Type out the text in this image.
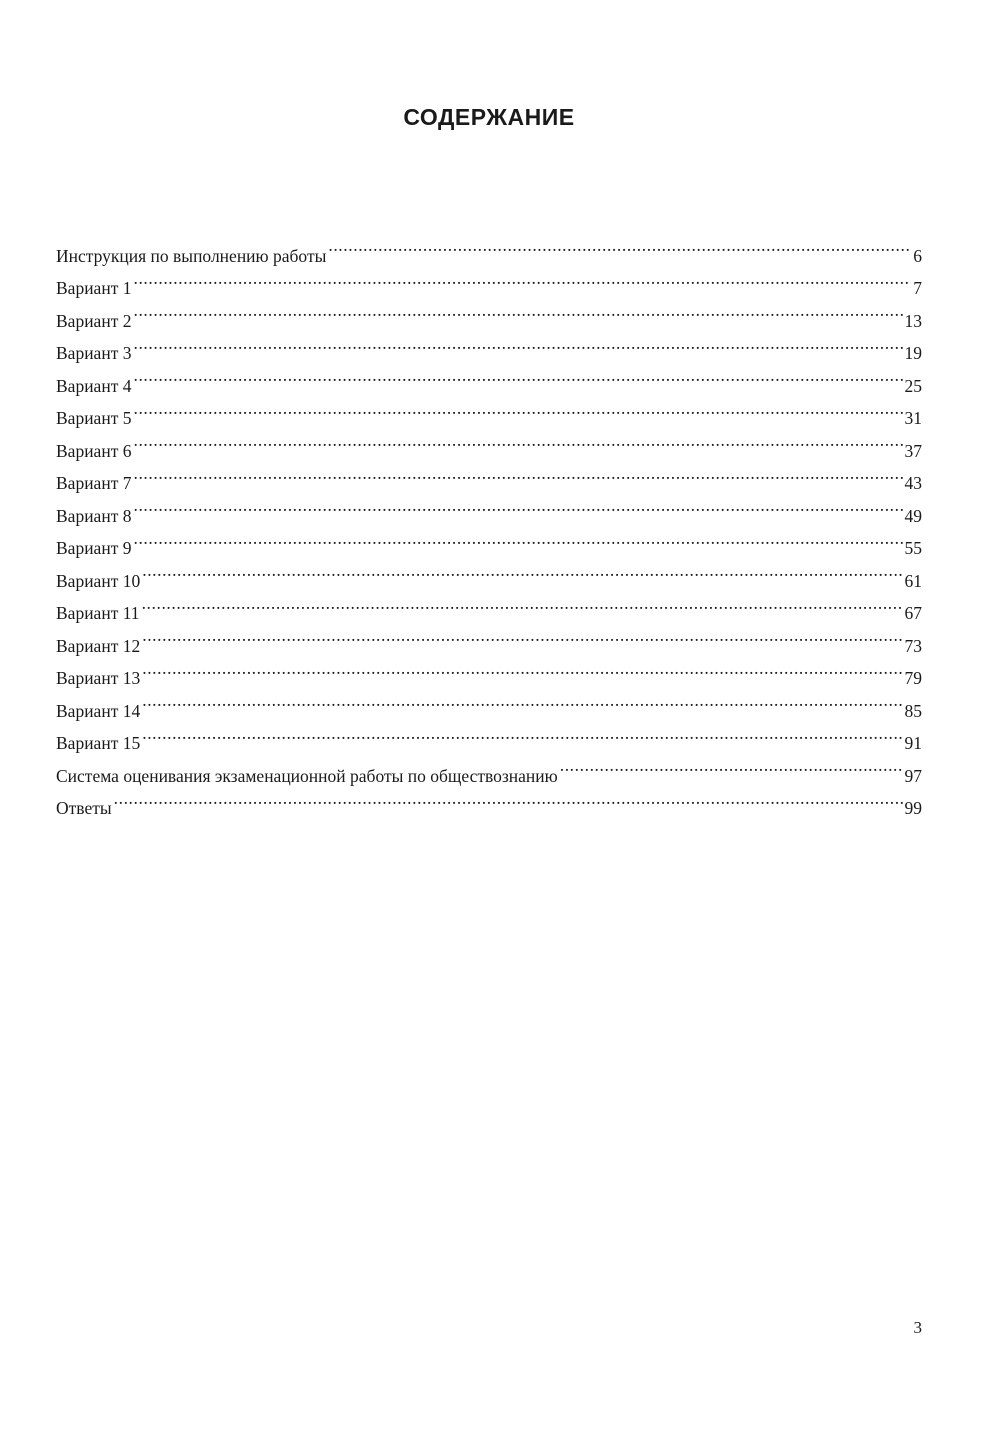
СОДЕРЖАНИЕ
Инструкция по выполнению работы .....	6
Вариант 1 .....	7
Вариант 2 .....	13
Вариант 3 .....	19
Вариант 4 .....	25
Вариант 5 .....	31
Вариант 6 .....	37
Вариант 7 .....	43
Вариант 8 .....	49
Вариант 9 .....	55
Вариант 10 .....	61
Вариант 11 .....	67
Вариант 12 .....	73
Вариант 13 .....	79
Вариант 14 .....	85
Вариант 15 .....	91
Система оценивания экзаменационной работы по обществознанию .....	97
Ответы .....	99

3
